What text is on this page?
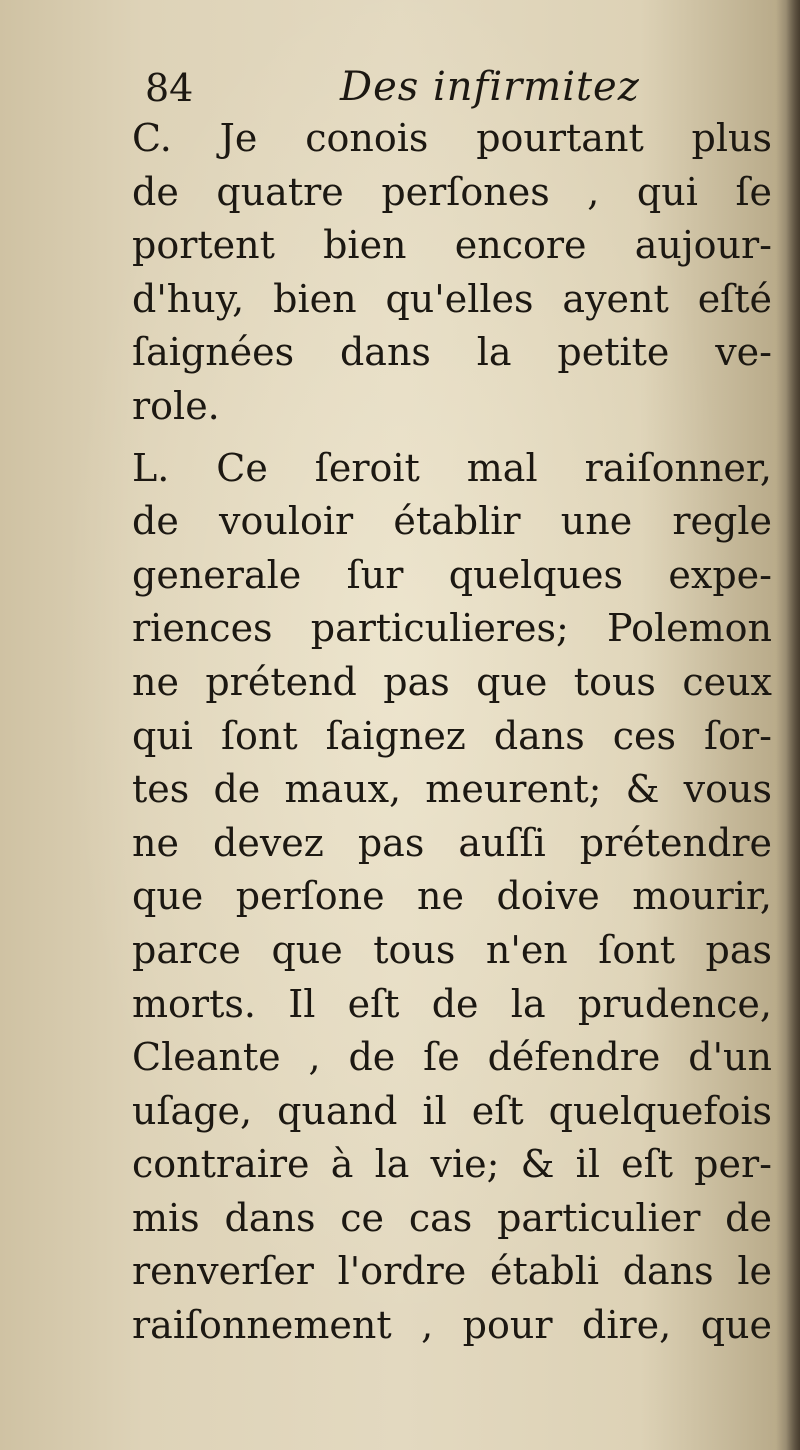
84	Des infirmitez
C. Je conois pourtant plus
de quatre perſones , qui ſe
portent bien encore aujour-
d'huy, bien qu'elles ayent eſté
ſaignées dans la petite ve-
role.
L. Ce ſeroit mal raiſonner,
de vouloir établir une regle
generale ſur quelques expe-
riences particulieres; Polemon
ne prétend pas que tous ceux
qui ſont ſaignez dans ces ſor-
tes de maux, meurent; & vous
ne devez pas auſſi prétendre
que perſone ne doive mourir,
parce que tous n'en ſont pas
morts. Il eſt de la prudence,
Cleante , de ſe défendre d'un
uſage, quand il eſt quelquefois
contraire à la vie; & il eſt per-
mis dans ce cas particulier de
renverſer l'ordre établi dans le
raiſonnement , pour dire, que
